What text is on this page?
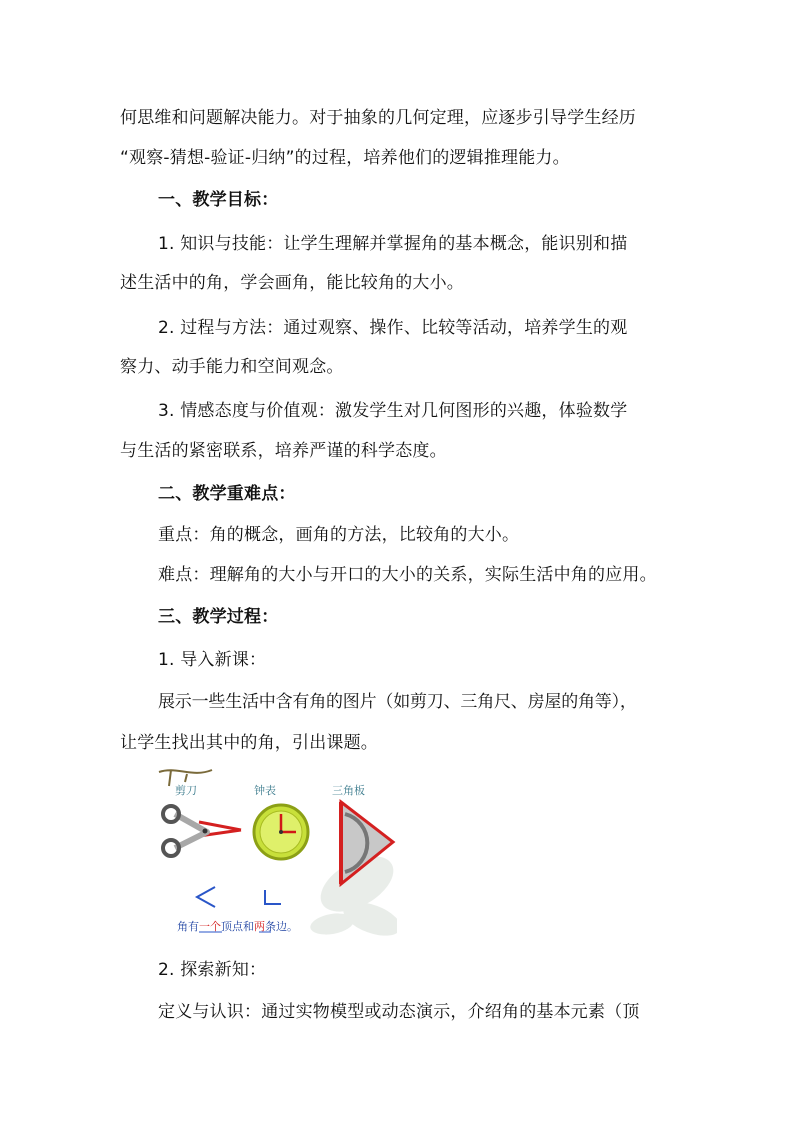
何思维和问题解决能力。对于抽象的几何定理，应逐步引导学生经历
“观察-猜想-验证-归纳”的过程，培养他们的逻辑推理能力。
一、教学目标：
1. 知识与技能：让学生理解并掌握角的基本概念，能识别和描
述生活中的角，学会画角，能比较角的大小。
2. 过程与方法：通过观察、操作、比较等活动，培养学生的观
察力、动手能力和空间观念。
3. 情感态度与价值观：激发学生对几何图形的兴趣，体验数学
与生活的紧密联系，培养严谨的科学态度。
二、教学重难点：
重点：角的概念，画角的方法，比较角的大小。
难点：理解角的大小与开口的大小的关系，实际生活中角的应用。
三、教学过程：
1. 导入新课：
展示一些生活中含有角的图片（如剪刀、三角尺、房屋的角等），
让学生找出其中的角，引出课题。
剪刀	钟表	三角板
角有一个顶点和两条边。
2. 探索新知：
定义与认识：通过实物模型或动态演示，介绍角的基本元素（顶
